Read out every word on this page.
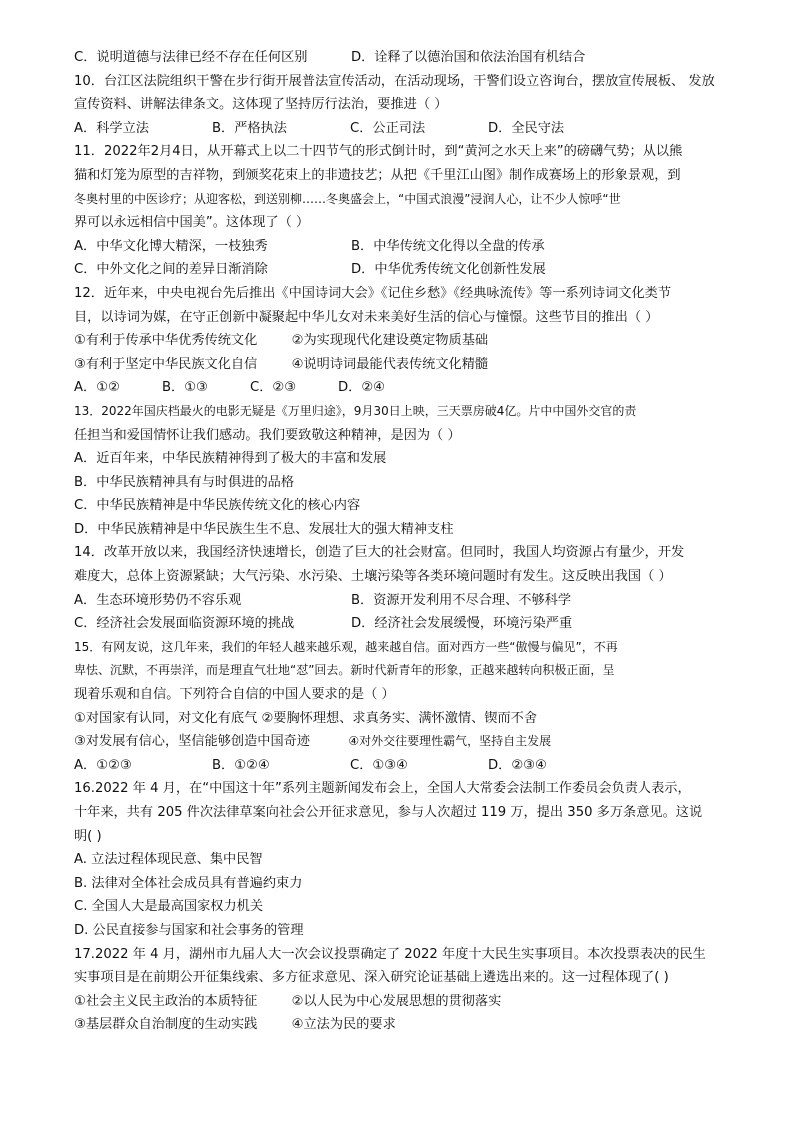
C．说明道德与法律已经不存在任何区别	D．诠释了以德治国和依法治国有机结合
10．台江区法院组织干警在步行街开展普法宣传活动，在活动现场，干警们设立咨询台，摆放宣传展板、 发放
宣传资料、讲解法律条文。这体现了坚持厉行法治，要推进（ ）
A．科学立法	B．严格执法	C．公正司法	D．全民守法
11．2022年2月4日，从开幕式上以二十四节气的形式倒计时，到“黄河之水天上来”的磅礴气势；从以熊
猫和灯笼为原型的吉祥物，到颁奖花束上的非遗技艺；从把《千里江山图》制作成赛场上的形象景观，到
冬奥村里的中医诊疗；从迎客松，到送别柳……冬奥盛会上，“中国式浪漫”浸润人心，让不少人惊呼“世
界可以永远相信中国美”。这体现了（ ）
A．中华文化博大精深，一枝独秀	B．中华传统文化得以全盘的传承
C．中外文化之间的差异日渐消除	D．中华优秀传统文化创新性发展
12．近年来，中央电视台先后推出《中国诗词大会》《记住乡愁》《经典咏流传》等一系列诗词文化类节
目，以诗词为媒，在守正创新中凝聚起中华儿女对未来美好生活的信心与憧憬。这些节目的推出（ ）
①有利于传承中华优秀传统文化	②为实现现代化建设奠定物质基础
③有利于坚定中华民族文化自信	④说明诗词最能代表传统文化精髓
A．①②	B．①③	C．②③	D．②④
13．2022年国庆档最火的电影无疑是《万里归途》，9月30日上映，三天票房破4亿。片中中国外交官的责
任担当和爱国情怀让我们感动。我们要致敬这种精神，是因为（ ）
A．近百年来，中华民族精神得到了极大的丰富和发展
B．中华民族精神具有与时俱进的品格
C．中华民族精神是中华民族传统文化的核心内容
D．中华民族精神是中华民族生生不息、发展壮大的强大精神支柱
14．改革开放以来，我国经济快速增长，创造了巨大的社会财富。但同时，我国人均资源占有量少，开发
难度大，总体上资源紧缺；大气污染、水污染、土壤污染等各类环境问题时有发生。这反映出我国（ ）
A．生态环境形势仍不容乐观	B．资源开发利用不尽合理、不够科学
C．经济社会发展面临资源环境的挑战	D．经济社会发展缓慢，环境污染严重
15．有网友说，这几年来，我们的年轻人越来越乐观，越来越自信。面对西方一些“傲慢与偏见”，不再
卑怯、沉默，不再崇洋，而是理直气壮地“怼”回去。新时代新青年的形象，正越来越转向积极正面，呈
现着乐观和自信。下列符合自信的中国人要求的是（ ）
①对国家有认同，对文化有底气 ②要胸怀理想、求真务实、满怀激情、锲而不舍
③对发展有信心，坚信能够创造中国奇迹	④对外交往要理性霸气，坚持自主发展
A．①②③	B．①②④	C．①③④	D．②③④
16.2022 年 4 月，在“中国这十年”系列主题新闻发布会上，全国人大常委会法制工作委员会负责人表示，
十年来，共有 205 件次法律草案向社会公开征求意见，参与人次超过 119 万，提出 350 多万条意见。这说
明( )
A. 立法过程体现民意、集中民智
B. 法律对全体社会成员具有普遍约束力
C. 全国人大是最高国家权力机关
D. 公民直接参与国家和社会事务的管理
17.2022 年 4 月，湖州市九届人大一次会议投票确定了 2022 年度十大民生实事项目。本次投票表决的民生
实事项目是在前期公开征集线索、多方征求意见、深入研究论证基础上遴选出来的。这一过程体现了( )
①社会主义民主政治的本质特征	②以人民为中心发展思想的贯彻落实
③基层群众自治制度的生动实践	④立法为民的要求
